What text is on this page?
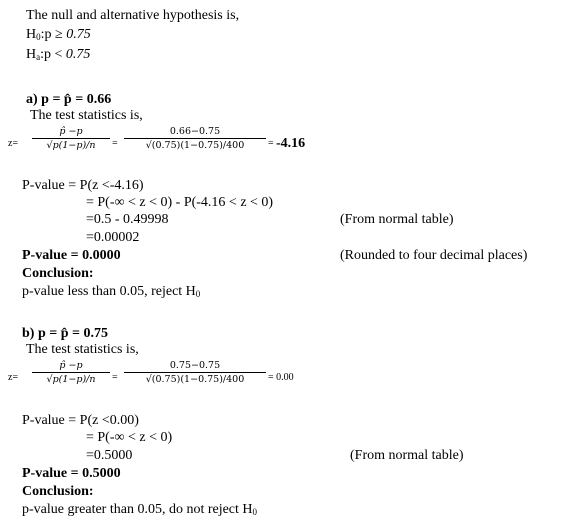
The null and alternative hypothesis is,
$H_0:p \ge 0.75$
$H_a:p < 0.75$
a) p = p̂ = 0.66
The test statistics is,
$z= \frac{p̂ -p}{√p(1-p)/n} = \frac{0.66-0.75}{√(0.75)(1-0.75)/400} = -4.16$
P-value = P(z <-4.16)
= P(-∞ < z < 0) - P(-4.16 < z < 0)
=0.5 - 0.49998	(From normal table)
=0.00002
P-value = 0.0000	(Rounded to four decimal places)
Conclusion:
p-value less than 0.05, reject $H_0$
b) p = p̂ = 0.75
The test statistics is,
$z= \frac{p̂ -p}{√p(1-p)/n} = \frac{0.75-0.75}{√(0.75)(1-0.75)/400} = 0.00$
P-value = P(z <0.00)
= P(-∞ < z < 0)
=0.5000
P-value = 0.5000
(From normal table)
Conclusion:
p-value greater than 0.05, do not reject $H_0$
